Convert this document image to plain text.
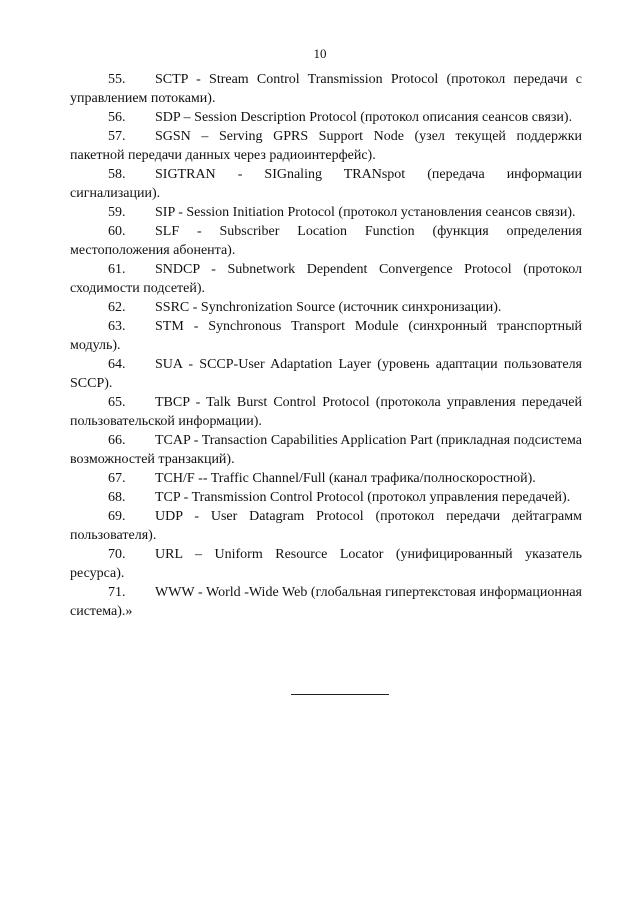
10

55. SCTP - Stream Control Transmission Protocol (протокол передачи с управлением потоками).

56. SDP – Session Description Protocol (протокол описания сеансов связи).

57. SGSN – Serving GPRS Support Node (узел текущей поддержки пакетной передачи данных через радиоинтерфейс).

58. SIGTRAN - SIGnaling TRANspot (передача информации сигнализации).

59. SIP - Session Initiation Protocol (протокол установления сеансов связи).

60. SLF - Subscriber Location Function (функция определения местоположения абонента).

61. SNDCP - Subnetwork Dependent Convergence Protocol (протокол сходимости подсетей).

62. SSRC - Synchronization Source (источник синхронизации).

63. STM - Synchronous Transport Module (синхронный транспортный модуль).

64. SUA - SCCP-User Adaptation Layer (уровень адаптации пользователя SCCP).

65. TBCP - Talk Burst Control Protocol (протокола управления передачей пользовательской информации).

66. TCAP - Transaction Capabilities Application Part (прикладная подсистема возможностей транзакций).

67. TCH/F -- Traffic Channel/Full (канал трафика/полноскоростной).

68. TCP - Transmission Control Protocol (протокол управления передачей).

69. UDP - User Datagram Protocol (протокол передачи дейтаграмм пользователя).

70. URL – Uniform Resource Locator (унифицированный указатель ресурса).

71. WWW - World -Wide Web (глобальная гипертекстовая информационная система).»
